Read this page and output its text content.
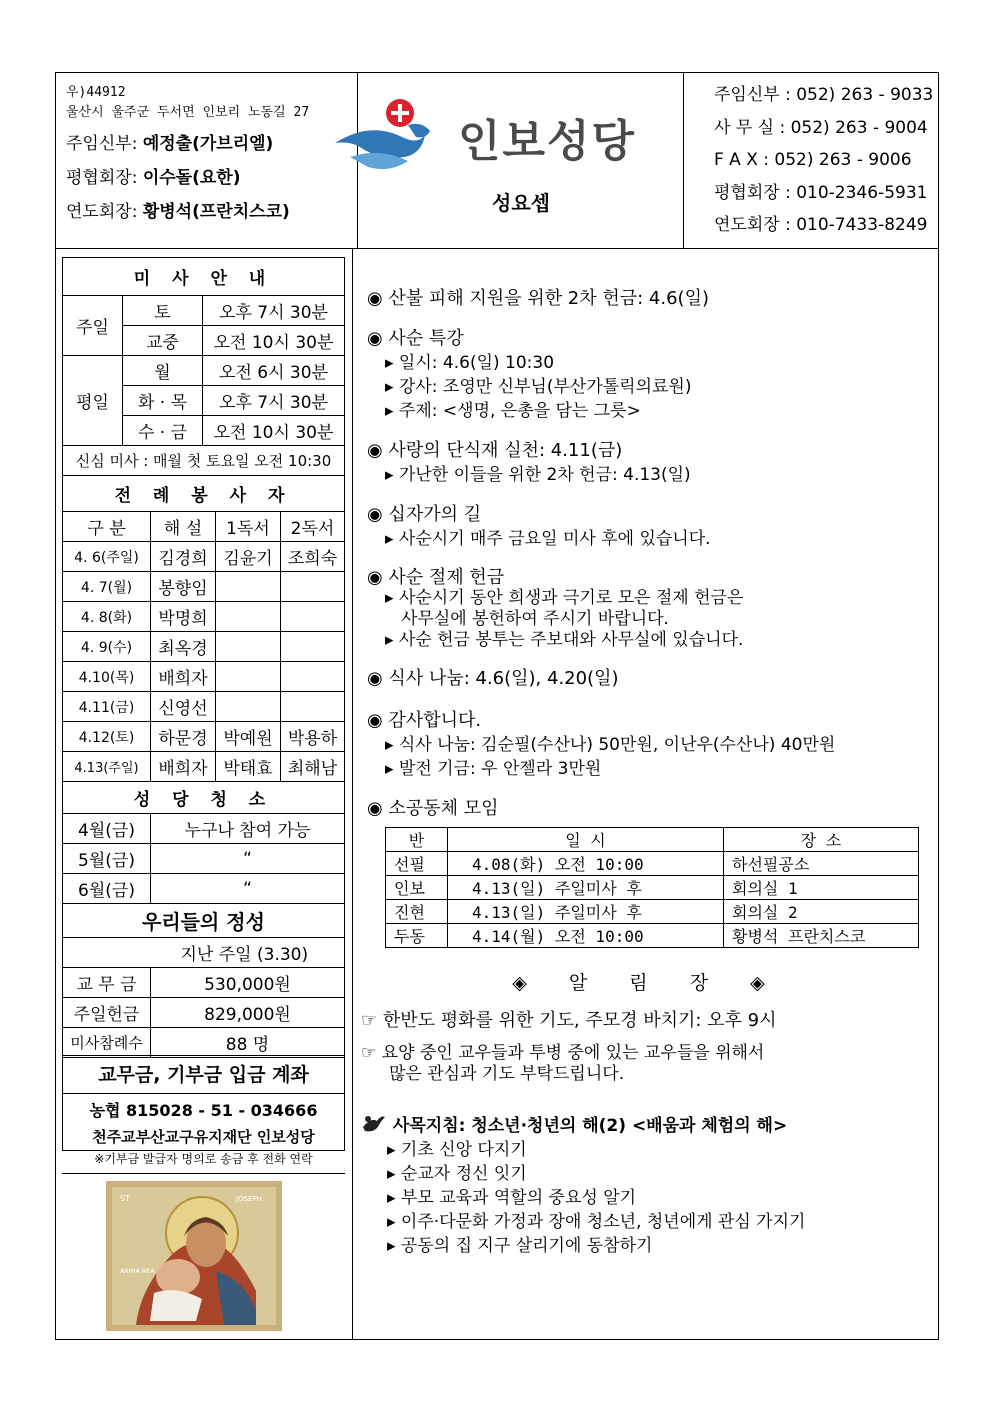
우)44912
울산시 울주군 두서면 인보리 노동길 27
주임신부: 예정출(가브리엘)
평협회장: 이수돌(요한)
연도회장: 황병석(프란치스코)
인보성당
성요셉
주임신부 : 052) 263 - 9033
사 무 실 : 052) 263 - 9004
F A X : 052) 263 - 9006
평협회장 : 010-2346-5931
연도회장 : 010-7433-8249
미 사 안 내		
주일	토	오후 7시 30분
	교중	오전 10시 30분
평일	월	오전 6시 30분
	화 · 목	오후 7시 30분
	수 · 금	오전 10시 30분
신심 미사 : 매월 첫 토요일 오전 10:30		
전 례 봉 사 자			
구 분	해 설	1독서	2독서
4. 6(주일)	김경희	김윤기	조희숙
4. 7(월)	봉향임		
4. 8(화)	박명희		
4. 9(수)	최옥경		
4.10(목)	배희자		
4.11(금)	신영선		
4.12(토)	하문경	박예원	박용하
4.13(주일)	배희자	박태효	최해남
성 당 청 소	
4월(금)	누구나 참여 가능
5월(금)	“
6월(금)	“
우리들의 정성	
	지난 주일 (3.30)
교 무 금	530,000원
주일헌금	829,000원
미사참례수	88 명
교무금, 기부금 입금 계좌
농협 815028 - 51 - 034666
천주교부산교구유지재단 인보성당
※기부금 발급자 명의로 송금 후 전화 연락
ST	JOSEPH
ANIMA MEA
◉ 산불 피해 지원을 위한 2차 헌금: 4.6(일)
◉ 사순 특강
▸ 일시: 4.6(일) 10:30
▸ 강사: 조영만 신부님(부산가톨릭의료원)
▸ 주제: <생명, 은총을 담는 그릇>
◉ 사랑의 단식재 실천: 4.11(금)
▸ 가난한 이들을 위한 2차 헌금: 4.13(일)
◉ 십자가의 길
▸ 사순시기 매주 금요일 미사 후에 있습니다.
◉ 사순 절제 헌금
▸ 사순시기 동안 희생과 극기로 모은 절제 헌금은
사무실에 봉헌하여 주시기 바랍니다.
▸ 사순 헌금 봉투는 주보대와 사무실에 있습니다.
◉ 식사 나눔: 4.6(일), 4.20(일)
◉ 감사합니다.
▸ 식사 나눔: 김순필(수산나) 50만원, 이난우(수산나) 40만원
▸ 발전 기금: 우 안젤라 3만원
◉ 소공동체 모임
반	일 시	장 소
선필	4.08(화) 오전 10:00	하선필공소
인보	4.13(일) 주일미사 후	회의실 1
진현	4.13(일) 주일미사 후	회의실 2
두동	4.14(월) 오전 10:00	황병석 프란치스코
◈ 알 림 장 ◈
☞ 한반도 평화를 위한 기도, 주모경 바치기: 오후 9시
☞ 요양 중인 교우들과 투병 중에 있는 교우들을 위해서
많은 관심과 기도 부탁드립니다.
사목지침: 청소년·청년의 해(2) <배움과 체험의 해>
▸ 기초 신앙 다지기
▸ 순교자 정신 잇기
▸ 부모 교육과 역할의 중요성 알기
▸ 이주·다문화 가정과 장애 청소년, 청년에게 관심 가지기
▸ 공동의 집 지구 살리기에 동참하기
